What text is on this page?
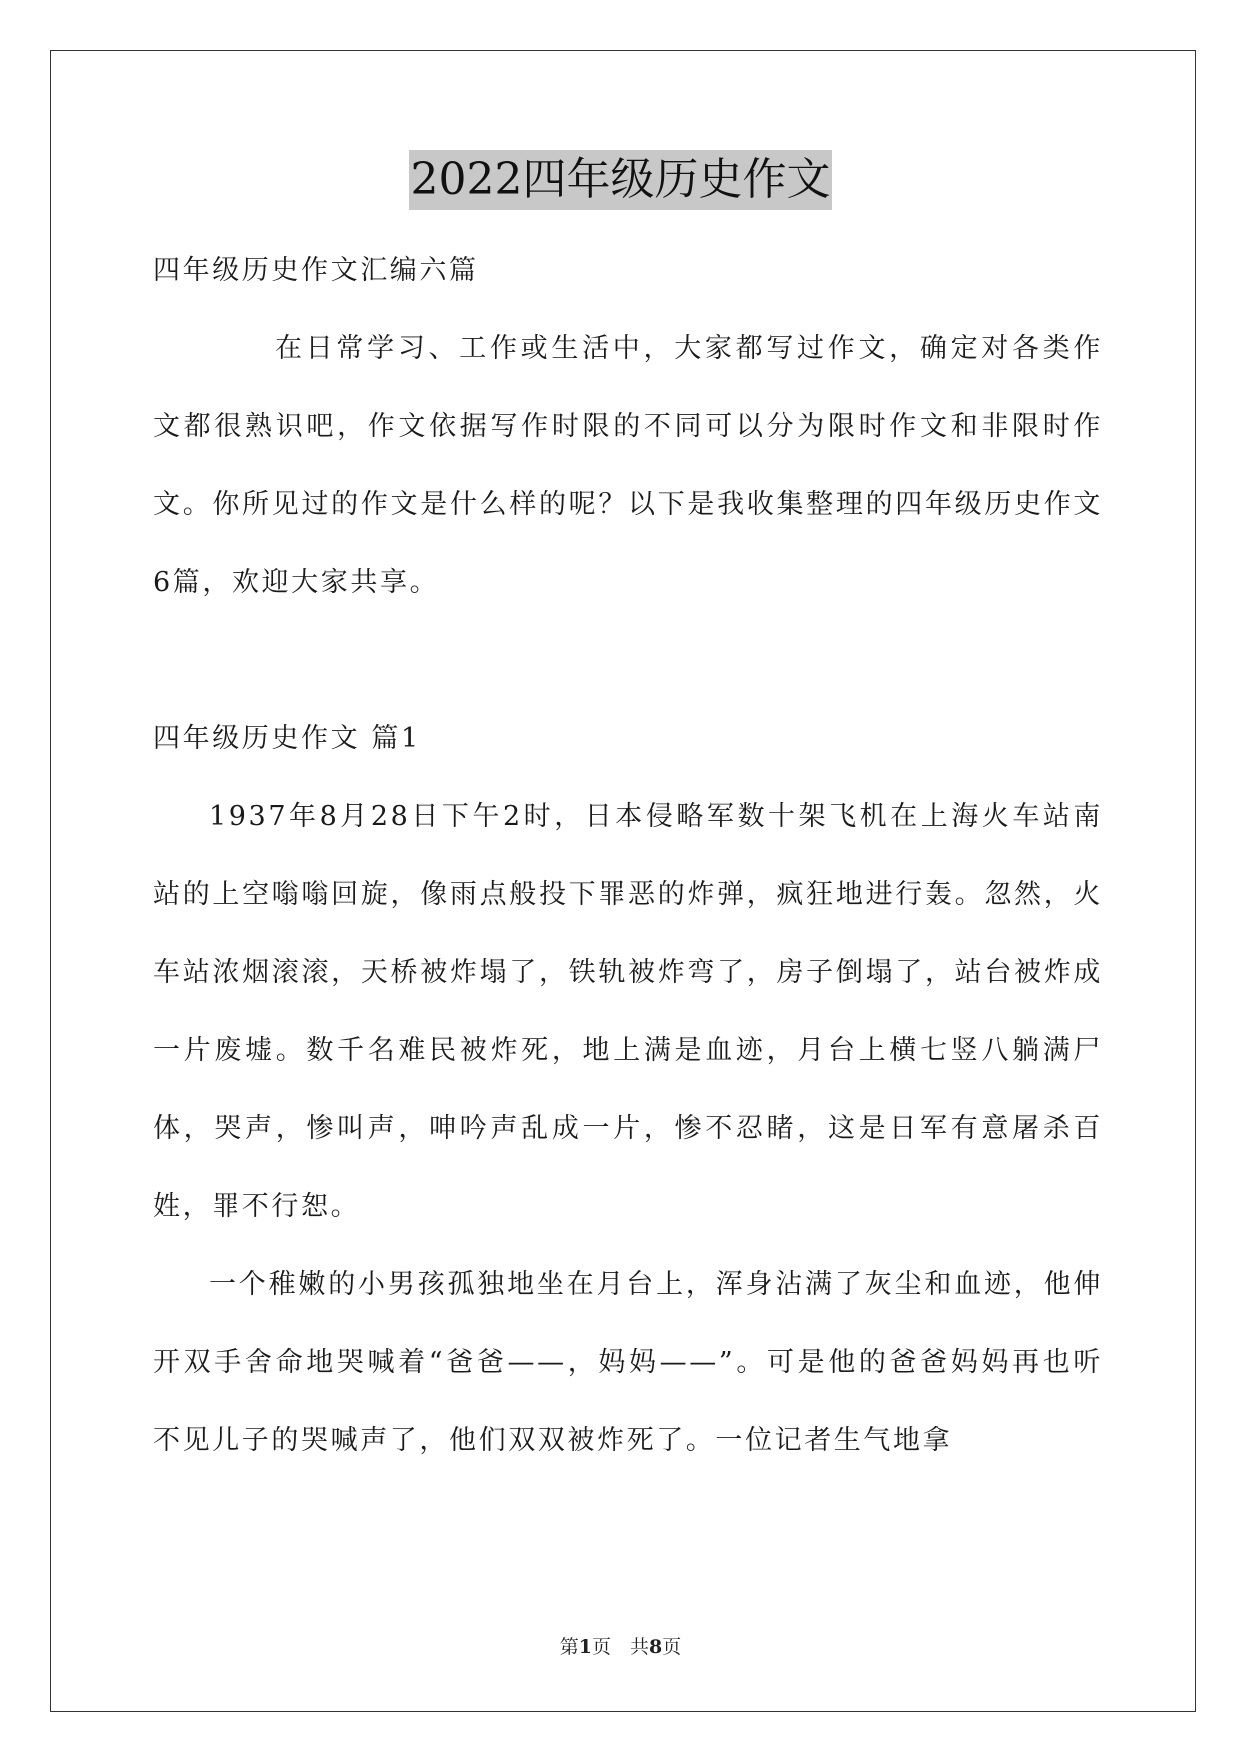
2022四年级历史作文

四年级历史作文汇编六篇

在日常学习、工作或生活中，大家都写过作文，确定对各类作文都很熟识吧，作文依据写作时限的不同可以分为限时作文和非限时作文。你所见过的作文是什么样的呢？以下是我收集整理的四年级历史作文6篇，欢迎大家共享。

四年级历史作文 篇1

1937年8月28日下午2时，日本侵略军数十架飞机在上海火车站南站的上空嗡嗡回旋，像雨点般投下罪恶的炸弹，疯狂地进行轰。忽然，火车站浓烟滚滚，天桥被炸塌了，铁轨被炸弯了，房子倒塌了，站台被炸成一片废墟。数千名难民被炸死，地上满是血迹，月台上横七竖八躺满尸体，哭声，惨叫声，呻吟声乱成一片，惨不忍睹，这是日军有意屠杀百姓，罪不行恕。

一个稚嫩的小男孩孤独地坐在月台上，浑身沾满了灰尘和血迹，他伸开双手舍命地哭喊着“爸爸——，妈妈——”。可是他的爸爸妈妈再也听不见儿子的哭喊声了，他们双双被炸死了。一位记者生气地拿

第1页　共8页
